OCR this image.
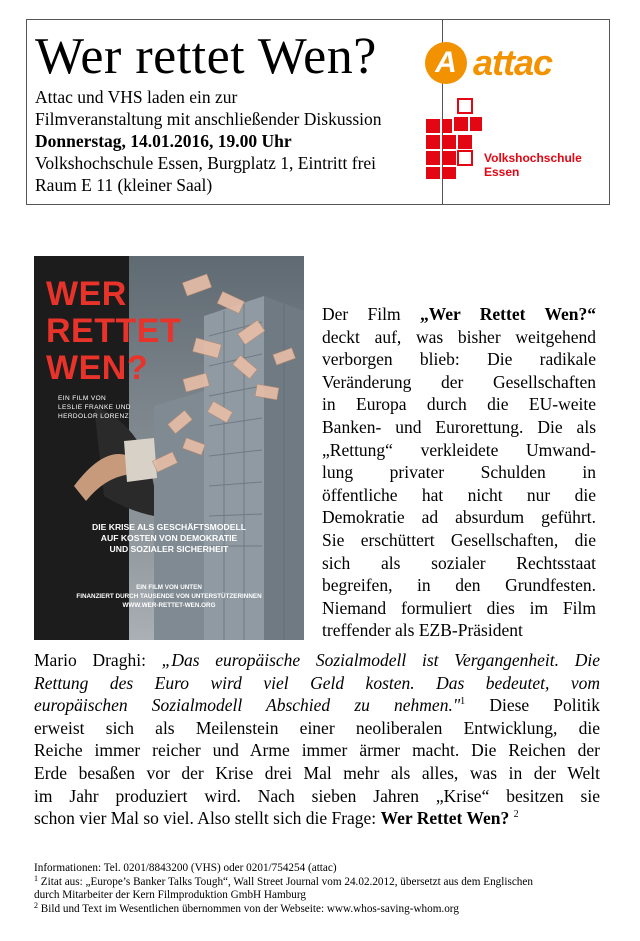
Wer rettet Wen?
Attac und VHS laden ein zur
Filmveranstaltung mit anschließender Diskussion
Donnerstag, 14.01.2016, 19.00 Uhr
Volkshochschule Essen, Burgplatz 1, Eintritt frei
Raum E 11 (kleiner Saal)
A attac
Volkshochschule
Essen
WER
RETTET
WEN?
EIN FILM VON
LESLIE FRANKE UND
HERDOLOR LORENZ
DIE KRISE ALS GESCHÄFTSMODELL
AUF KOSTEN VON DEMOKRATIE
UND SOZIALER SICHERHEIT
EIN FILM VON UNTEN
FINANZIERT DURCH TAUSENDE VON UNTERSTÜTZERINNEN
WWW.WER-RETTET-WEN.ORG
Der Film „Wer Rettet Wen?“
deckt auf, was bisher weitgehend
verborgen blieb: Die radikale
Veränderung der Gesellschaften
in Europa durch die EU-weite
Banken- und Eurorettung. Die als
„Rettung“ verkleidete Umwand-
lung privater Schulden in
öffentliche hat nicht nur die
Demokratie ad absurdum geführt.
Sie erschüttert Gesellschaften, die
sich als sozialer Rechtsstaat
begreifen, in den Grundfesten.
Niemand formuliert dies im Film
treffender als EZB-Präsident
Mario Draghi: „Das europäische Sozialmodell ist Vergangenheit. Die
Rettung des Euro wird viel Geld kosten. Das bedeutet, vom
europäischen Sozialmodell Abschied zu nehmen."$^1$ Diese Politik
erweist sich als Meilenstein einer neoliberalen Entwicklung, die
Reiche immer reicher und Arme immer ärmer macht. Die Reichen der
Erde besaßen vor der Krise drei Mal mehr als alles, was in der Welt
im Jahr produziert wird. Nach sieben Jahren „Krise“ besitzen sie
schon vier Mal so viel. Also stellt sich die Frage: Wer Rettet Wen? $^2$
Informationen: Tel. 0201/8843200 (VHS) oder 0201/754254 (attac)
$^1$ Zitat aus: „Europe’s Banker Talks Tough“, Wall Street Journal vom 24.02.2012, übersetzt aus dem Englischen
durch Mitarbeiter der Kern Filmproduktion GmbH Hamburg
$^2$ Bild und Text im Wesentlichen übernommen von der Webseite: www.whos-saving-whom.org
